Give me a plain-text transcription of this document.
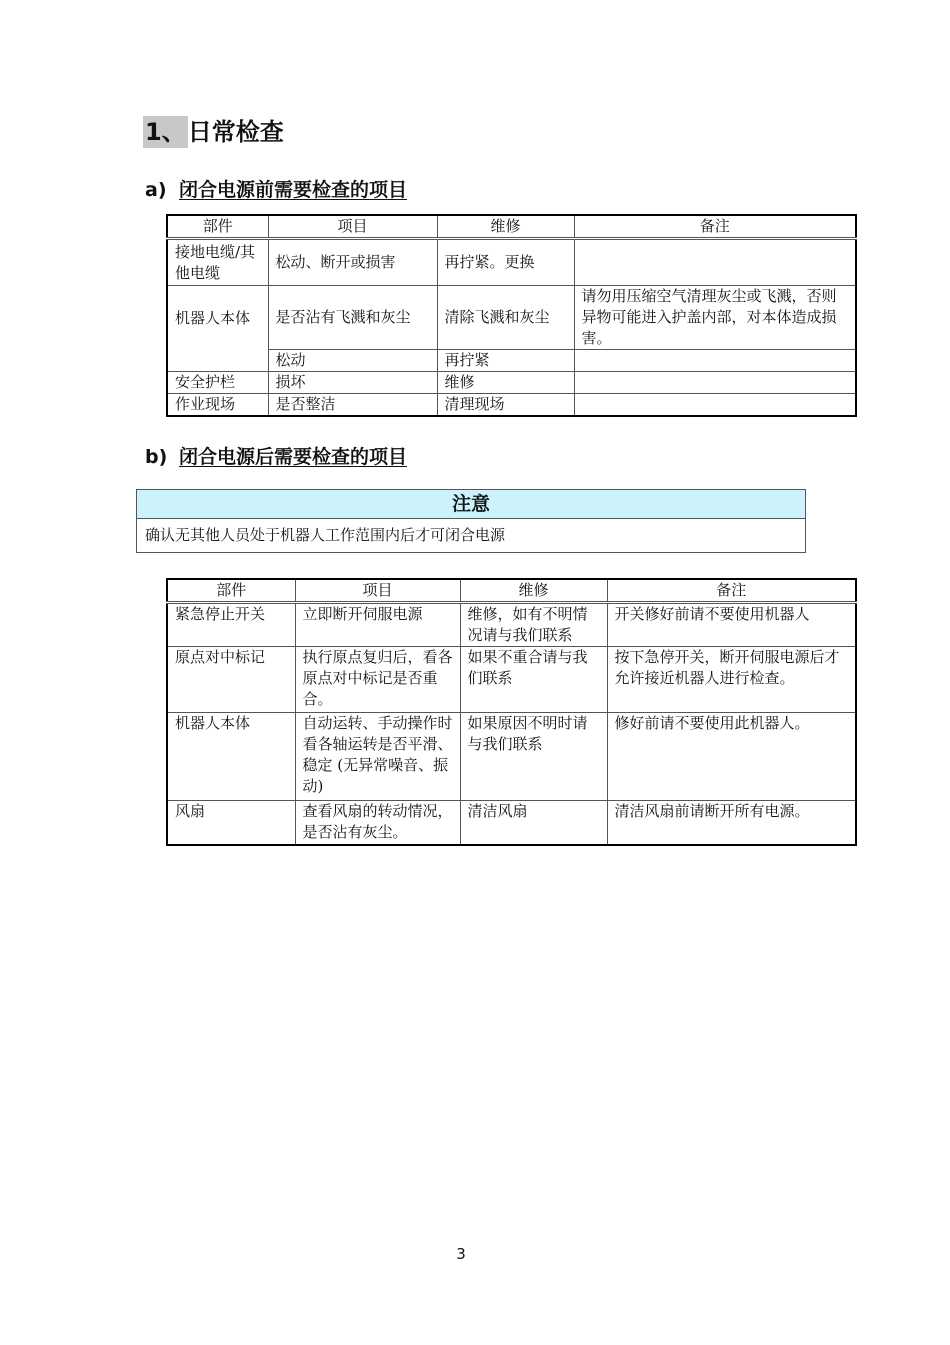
1、日常检查
a) 闭合电源前需要检查的项目
部件	项目	维修	备注
接地电缆/其他电缆	松动、断开或损害	再拧紧。更换	
机器人本体	是否沾有飞溅和灰尘	清除飞溅和灰尘	请勿用压缩空气清理灰尘或飞溅，否则异物可能进入护盖内部，对本体造成损害。
	松动	再拧紧	
安全护栏	损坏	维修	
作业现场	是否整洁	清理现场	
b) 闭合电源后需要检查的项目
注意
确认无其他人员处于机器人工作范围内后才可闭合电源
部件	项目	维修	备注
紧急停止开关	立即断开伺服电源	维修，如有不明情况请与我们联系	开关修好前请不要使用机器人
原点对中标记	执行原点复归后，看各原点对中标记是否重合。	如果不重合请与我们联系	按下急停开关，断开伺服电源后才允许接近机器人进行检查。
机器人本体	自动运转、手动操作时看各轴运转是否平滑、稳定 (无异常噪音、振动)	如果原因不明时请与我们联系	修好前请不要使用此机器人。
风扇	查看风扇的转动情况，是否沾有灰尘。	清洁风扇	清洁风扇前请断开所有电源。
3
